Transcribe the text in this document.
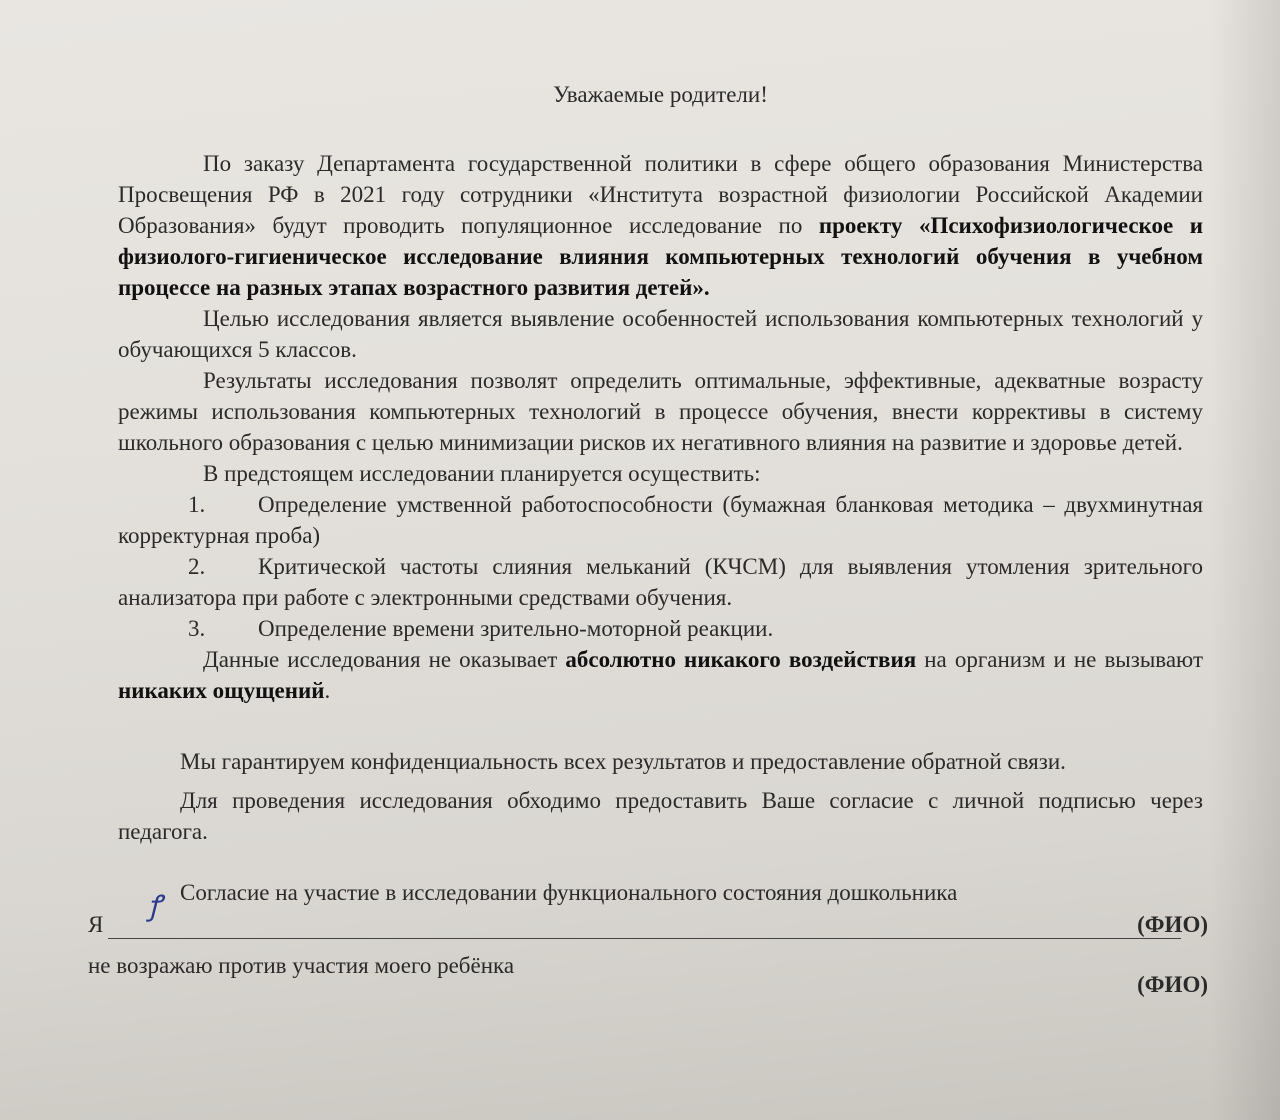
Уважаемые родители!

По заказу Департамента государственной политики в сфере общего образования Министерства Просвещения РФ в 2021 году сотрудники «Института возрастной физиологии Российской Академии Образования» будут проводить популяционное исследование по проекту «Психофизиологическое и физиолого-гигиеническое исследование влияния компьютерных технологий обучения в учебном процессе на разных этапах возрастного развития детей».

Целью исследования является выявление особенностей использования компьютерных технологий у обучающихся 5 классов.

Результаты исследования позволят определить оптимальные, эффективные, адекватные возрасту режимы использования компьютерных технологий в процессе обучения, внести коррективы в систему школьного образования с целью минимизации рисков их негативного влияния на развитие и здоровье детей.

В предстоящем исследовании планируется осуществить:

1. Определение умственной работоспособности (бумажная бланковая методика – двухминутная корректурная проба)

2. Критической частоты слияния мельканий (КЧСМ) для выявления утомления зрительного анализатора при работе с электронными средствами обучения.

3. Определение времени зрительно-моторной реакции.

Данные исследования не оказывает абсолютно никакого воздействия на организм и не вызывают никаких ощущений.

Мы гарантируем конфиденциальность всех результатов и предоставление обратной связи.

Для проведения исследования обходимо предоставить Ваше согласие с личной подписью через педагога.

Согласие на участие в исследовании функционального состояния дошкольника
ꝭ
Я	(ФИО)
не возражаю против участия моего ребёнка
(ФИО)
